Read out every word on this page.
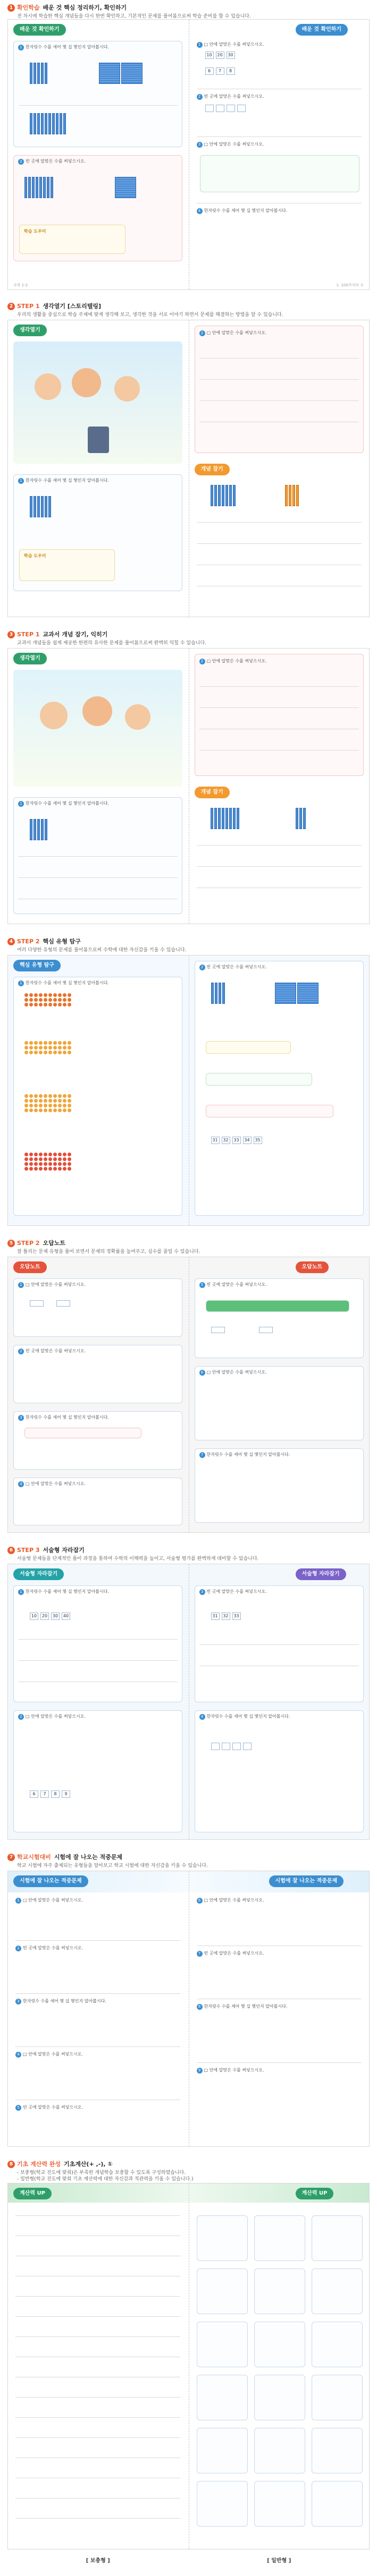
1 확인학습 배운 것 핵심 정리하기, 확인하기
전 차시에 학습한 핵심 개념들을 다시 한번 확인하고, 기본적인 문제를 풀어봄으로써 학습 준비를 할 수 있습니다.
배운 것 확인하기
1 한자릿수 수를 세어 몇 십 몇인지 알아봅시다.
2 빈 곳에 알맞은 수를 써넣으시오.
학습 도우미
수학 1-2
배운 것 확인하기
1 □ 안에 알맞은 수를 써넣으시오.
10	20	30
6	7	8
2 빈 곳에 알맞은 수를 써넣으시오.
3 □ 안에 알맞은 수를 써넣으시오.
4 한자릿수 수를 세어 몇 십 몇인지 알아봅시다.
1. 100까지의 수
2 STEP 1 생각열기 [스토리텔링]
우리의 생활을 중심으로 학습 주제에 맞게 생각해 보고, 생각한 것을 서로 이야기 하면서 문제를 해결하는 방법을 알 수 있습니다.
생각열기
1 한자릿수 수를 세어 몇 십 몇인지 알아봅시다.
학습 도우미
2 □ 안에 알맞은 수를 써넣으시오.
개념 잡기
3 STEP 1 교과서 개념 잡기, 익히기
교과서 개념들을 쉽게 제공한 한편의 유사한 문제를 풀어봄으로써 완벽히 익힐 수 있습니다.
생각열기
1 한자릿수 수를 세어 몇 십 몇인지 알아봅시다.
2 □ 안에 알맞은 수를 써넣으시오.
개념 잡기
4 STEP 2 핵심 유형 탐구
여러 다양한 유형의 문제를 풀어봄으로써 수학에 대한 자신감을 키울 수 있습니다.
핵심 유형 탐구
1 한자릿수 수를 세어 몇 십 몇인지 알아봅시다.
2 빈 곳에 알맞은 수를 써넣으시오.
31	32	33	34	35
5 STEP 2 오답노트
잘 틀리는 문제 유형을 풀어 보면서 문제의 정확률을 높여주고, 실수를 줄일 수 있습니다.
오답노트
1 □ 안에 알맞은 수를 써넣으시오.
2 빈 곳에 알맞은 수를 써넣으시오.
3 한자릿수 수를 세어 몇 십 몇인지 알아봅시다.
4 □ 안에 알맞은 수를 써넣으시오.
오답노트
5 빈 곳에 알맞은 수를 써넣으시오.
6 □ 안에 알맞은 수를 써넣으시오.
7 한자릿수 수를 세어 몇 십 몇인지 알아봅시다.
6 STEP 3 서술형 자라잡기
서술형 문제들을 단계적인 풀이 과정을 통하여 수학의 이해력을 높이고, 서술형 평가를 완벽하게 대비할 수 있습니다.
서술형 자라잡기
1 한자릿수 수를 세어 몇 십 몇인지 알아봅시다.
10	20	30	40
2 □ 안에 알맞은 수를 써넣으시오.
6	7	8	9
서술형 자라잡기
3 빈 곳에 알맞은 수를 써넣으시오.
31	32	33
4 한자릿수 수를 세어 몇 십 몇인지 알아봅시다.
7 학교시험대비 시험에 잘 나오는 적중문제
학교 시험에 자주 출제되는 유형들을 알아보고 학교 시험에 대한 자신감을 키울 수 있습니다.
시험에 잘 나오는 적중문제
1 □ 안에 알맞은 수를 써넣으시오.
2 빈 곳에 알맞은 수를 써넣으시오.
3 한자릿수 수를 세어 몇 십 몇인지 알아봅시다.
4 □ 안에 알맞은 수를 써넣으시오.
5 빈 곳에 알맞은 수를 써넣으시오.
시험에 잘 나오는 적중문제
6 □ 안에 알맞은 수를 써넣으시오.
7 빈 곳에 알맞은 수를 써넣으시오.
8 한자릿수 수를 세어 몇 십 몇인지 알아봅시다.
9 □ 안에 알맞은 수를 써넣으시오.
8 기초 계산력 완성 기초계산(+ ,-), ①
- 보충형(학교 진도에 맞춰)은 부족한 개념학습 보충할 수 있도록 구성하였습니다.
- 일반형(학교 진도에 맞춰 기초 계산력에 대한 자신감과 직관력을 키울 수 있습니다.)
계산력 UP	계산력 UP
[ 보충형 ]	[ 일반형 ]
